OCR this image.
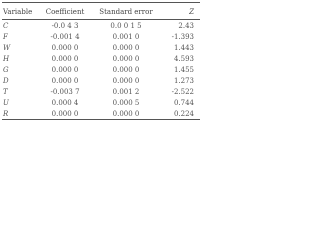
Variable	Coefficient	Standard error	Z
C	-0.0 4 3	0.0 0 1 5	2.43
F	-0.001 4	0.001 0	-1.393
W	0.000 0	0.000 0	1.443
H	0.000 0	0.000 0	4.593
G	0.000 0	0.000 0	1.455
D	0.000 0	0.000 0	1.273
T	-0.003 7	0.001 2	-2.522
U	0.000 4	0.000 5	0.744
R	0.000 0	0.000 0	0.224
